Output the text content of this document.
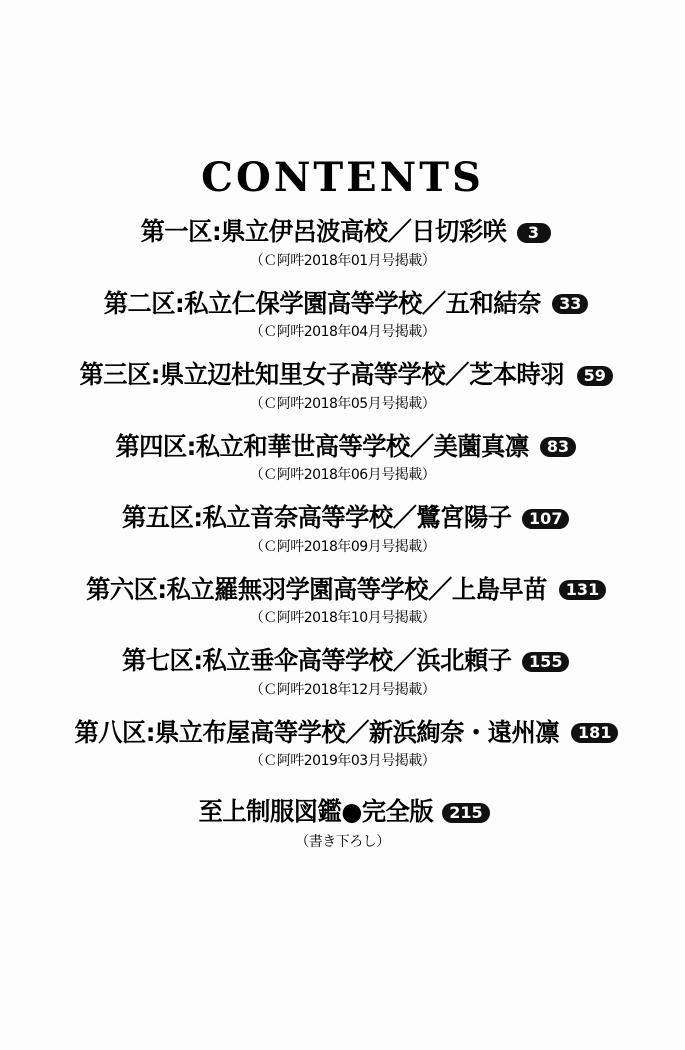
CONTENTS
第一区:県立伊呂波高校／日切彩咲	3
（Ｃ阿吽2018年01月号掲載）
第二区:私立仁保学園高等学校／五和結奈	33
（Ｃ阿吽2018年04月号掲載）
第三区:県立辺杜知里女子高等学校／芝本時羽	59
（Ｃ阿吽2018年05月号掲載）
第四区:私立和華世高等学校／美薗真凛	83
（Ｃ阿吽2018年06月号掲載）
第五区:私立音奈高等学校／鷺宮陽子	107
（Ｃ阿吽2018年09月号掲載）
第六区:私立羅無羽学園高等学校／上島早苗	131
（Ｃ阿吽2018年10月号掲載）
第七区:私立垂伞高等学校／浜北頼子	155
（Ｃ阿吽2018年12月号掲載）
第八区:県立布屋高等学校／新浜絢奈・遠州凛	181
（Ｃ阿吽2019年03月号掲載）
至上制服図鑑●完全版 215
（書き下ろし）
